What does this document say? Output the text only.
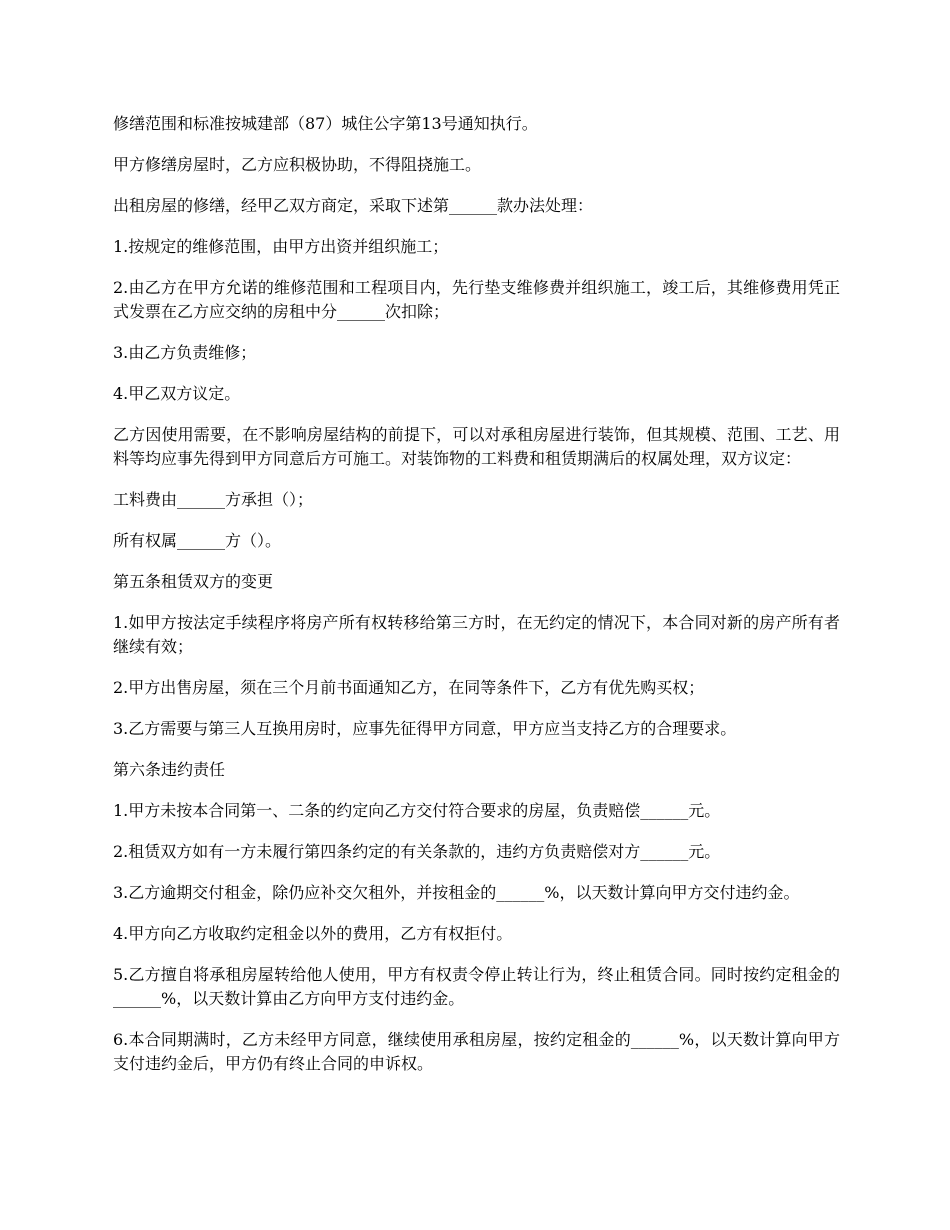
修缮范围和标准按城建部（87）城住公字第13号通知执行。

甲方修缮房屋时，乙方应积极协助，不得阻挠施工。

出租房屋的修缮，经甲乙双方商定，采取下述第______款办法处理：

1.按规定的维修范围，由甲方出资并组织施工；

2.由乙方在甲方允诺的维修范围和工程项目内，先行垫支维修费并组织施工，竣工后，其维修费用凭正式发票在乙方应交纳的房租中分______次扣除；

3.由乙方负责维修；

4.甲乙双方议定。

乙方因使用需要，在不影响房屋结构的前提下，可以对承租房屋进行装饰，但其规模、范围、工艺、用料等均应事先得到甲方同意后方可施工。对装饰物的工料费和租赁期满后的权属处理，双方议定：

工料费由______方承担（）；

所有权属______方（）。

第五条租赁双方的变更

1.如甲方按法定手续程序将房产所有权转移给第三方时，在无约定的情况下，本合同对新的房产所有者继续有效；

2.甲方出售房屋，须在三个月前书面通知乙方，在同等条件下，乙方有优先购买权；

3.乙方需要与第三人互换用房时，应事先征得甲方同意，甲方应当支持乙方的合理要求。

第六条违约责任

1.甲方未按本合同第一、二条的约定向乙方交付符合要求的房屋，负责赔偿______元。

2.租赁双方如有一方未履行第四条约定的有关条款的，违约方负责赔偿对方______元。

3.乙方逾期交付租金，除仍应补交欠租外，并按租金的______%，以天数计算向甲方交付违约金。

4.甲方向乙方收取约定租金以外的费用，乙方有权拒付。

5.乙方擅自将承租房屋转给他人使用，甲方有权责令停止转让行为，终止租赁合同。同时按约定租金的______%，以天数计算由乙方向甲方支付违约金。

6.本合同期满时，乙方未经甲方同意，继续使用承租房屋，按约定租金的______%，以天数计算向甲方支付违约金后，甲方仍有终止合同的申诉权。
